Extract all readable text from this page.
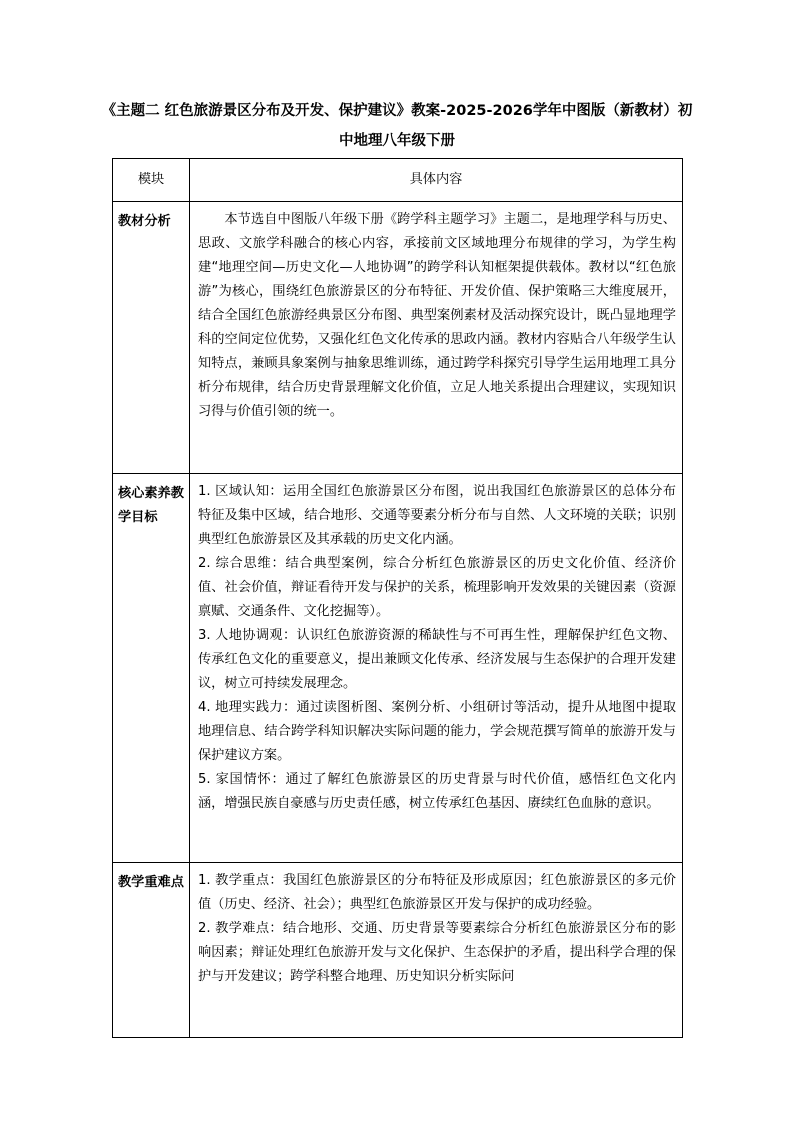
《主题二 红色旅游景区分布及开发、保护建议》教案-2025-2026学年中图版（新教材）初中地理八年级下册
模块	具体内容
教材分析	本节选自中图版八年级下册《跨学科主题学习》主题二，是地理学科与历史、思政、文旅学科融合的核心内容，承接前文区域地理分布规律的学习，为学生构建“地理空间—历史文化—人地协调”的跨学科认知框架提供载体。教材以“红色旅游”为核心，围绕红色旅游景区的分布特征、开发价值、保护策略三大维度展开，结合全国红色旅游经典景区分布图、典型案例素材及活动探究设计，既凸显地理学科的空间定位优势，又强化红色文化传承的思政内涵。教材内容贴合八年级学生认知特点，兼顾具象案例与抽象思维训练，通过跨学科探究引导学生运用地理工具分析分布规律，结合历史背景理解文化价值，立足人地关系提出合理建议，实现知识习得与价值引领的统一。

核心素养教学目标	1. 区域认知：运用全国红色旅游景区分布图，说出我国红色旅游景区的总体分布特征及集中区域，结合地形、交通等要素分析分布与自然、人文环境的关联；识别典型红色旅游景区及其承载的历史文化内涵。

2. 综合思维：结合典型案例，综合分析红色旅游景区的历史文化价值、经济价值、社会价值，辩证看待开发与保护的关系，梳理影响开发效果的关键因素（资源禀赋、交通条件、文化挖掘等）。

3. 人地协调观：认识红色旅游资源的稀缺性与不可再生性，理解保护红色文物、传承红色文化的重要意义，提出兼顾文化传承、经济发展与生态保护的合理开发建议，树立可持续发展理念。

4. 地理实践力：通过读图析图、案例分析、小组研讨等活动，提升从地图中提取地理信息、结合跨学科知识解决实际问题的能力，学会规范撰写简单的旅游开发与保护建议方案。

5. 家国情怀：通过了解红色旅游景区的历史背景与时代价值，感悟红色文化内涵，增强民族自豪感与历史责任感，树立传承红色基因、赓续红色血脉的意识。

教学重难点	1. 教学重点：我国红色旅游景区的分布特征及形成原因；红色旅游景区的多元价值（历史、经济、社会）；典型红色旅游景区开发与保护的成功经验。

2. 教学难点：结合地形、交通、历史背景等要素综合分析红色旅游景区分布的影响因素；辩证处理红色旅游开发与文化保护、生态保护的矛盾，提出科学合理的保护与开发建议；跨学科整合地理、历史知识分析实际问
